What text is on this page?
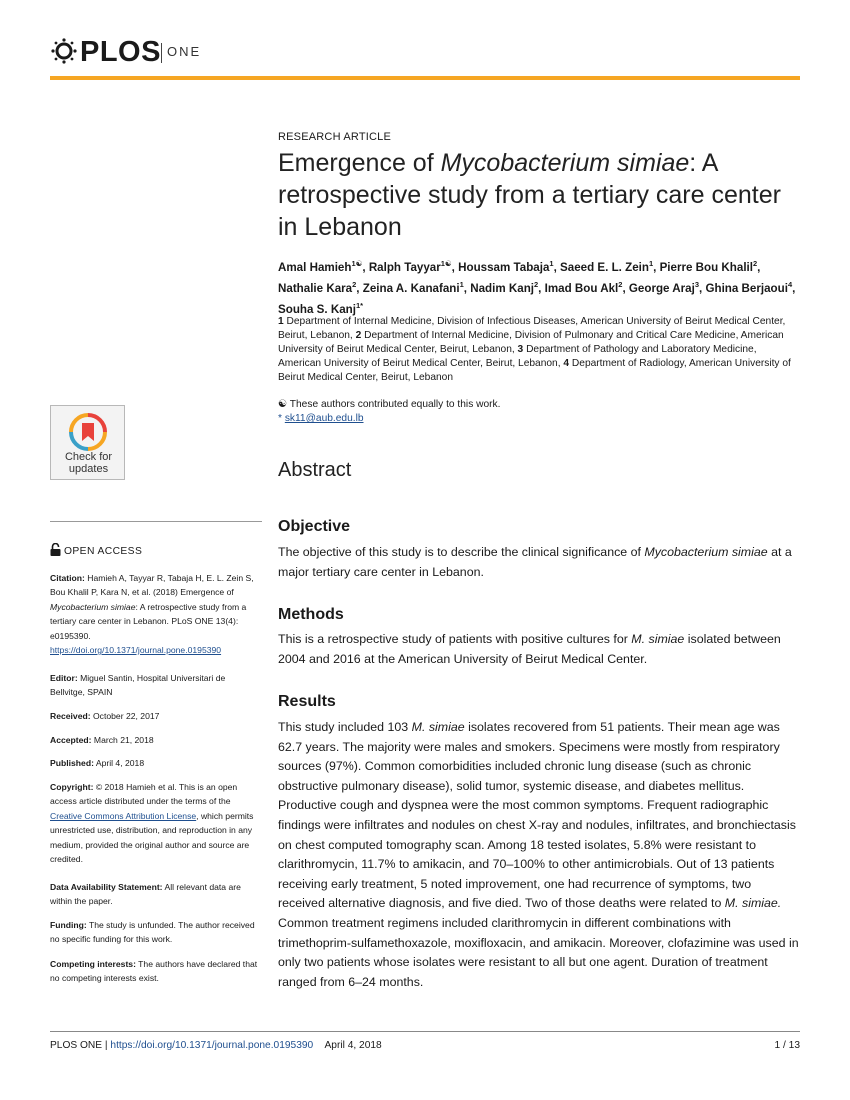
PLOS ONE
Check for
updates
OPEN ACCESS
Citation: Hamieh A, Tayyar R, Tabaja H, E. L. Zein S, Bou Khalil P, Kara N, et al. (2018) Emergence of Mycobacterium simiae: A retrospective study from a tertiary care center in Lebanon. PLoS ONE 13(4): e0195390. https://doi.org/10.1371/journal.pone.0195390
Editor: Miguel Santin, Hospital Universitari de Bellvitge, SPAIN
Received: October 22, 2017
Accepted: March 21, 2018
Published: April 4, 2018
Copyright: © 2018 Hamieh et al. This is an open access article distributed under the terms of the Creative Commons Attribution License, which permits unrestricted use, distribution, and reproduction in any medium, provided the original author and source are credited.
Data Availability Statement: All relevant data are within the paper.
Funding: The study is unfunded. The author received no specific funding for this work.
Competing interests: The authors have declared that no competing interests exist.
RESEARCH ARTICLE
Emergence of Mycobacterium simiae: A retrospective study from a tertiary care center in Lebanon
Amal Hamieh$^{1☯}$, Ralph Tayyar$^{1☯}$, Houssam Tabaja$^1$, Saeed E. L. Zein$^1$, Pierre Bou Khalil$^2$, Nathalie Kara$^2$, Zeina A. Kanafani$^1$, Nadim Kanj$^2$, Imad Bou Akl$^2$, George Araj$^3$, Ghina Berjaoui$^4$, Souha S. Kanj$^{1*}$
1 Department of Internal Medicine, Division of Infectious Diseases, American University of Beirut Medical Center, Beirut, Lebanon, 2 Department of Internal Medicine, Division of Pulmonary and Critical Care Medicine, American University of Beirut Medical Center, Beirut, Lebanon, 3 Department of Pathology and Laboratory Medicine, American University of Beirut Medical Center, Beirut, Lebanon, 4 Department of Radiology, American University of Beirut Medical Center, Beirut, Lebanon
☯ These authors contributed equally to this work.
* sk11@aub.edu.lb
Abstract
Objective

The objective of this study is to describe the clinical significance of Mycobacterium simiae at a major tertiary care center in Lebanon.

Methods

This is a retrospective study of patients with positive cultures for M. simiae isolated between 2004 and 2016 at the American University of Beirut Medical Center.

Results

This study included 103 M. simiae isolates recovered from 51 patients. Their mean age was 62.7 years. The majority were males and smokers. Specimens were mostly from respiratory sources (97%). Common comorbidities included chronic lung disease (such as chronic obstructive pulmonary disease), solid tumor, systemic disease, and diabetes mellitus. Productive cough and dyspnea were the most common symptoms. Frequent radiographic findings were infiltrates and nodules on chest X-ray and nodules, infiltrates, and bronchiectasis on chest computed tomography scan. Among 18 tested isolates, 5.8% were resistant to clarithromycin, 11.7% to amikacin, and 70–100% to other antimicrobials. Out of 13 patients receiving early treatment, 5 noted improvement, one had recurrence of symptoms, two received alternative diagnosis, and five died. Two of those deaths were related to M. simiae. Common treatment regimens included clarithromycin in different combinations with trimethoprim-sulfamethoxazole, moxifloxacin, and amikacin. Moreover, clofazimine was used in only two patients whose isolates were resistant to all but one agent. Duration of treatment ranged from 6–24 months.

PLOS ONE | https://doi.org/10.1371/journal.pone.0195390 April 4, 2018	1 / 13
